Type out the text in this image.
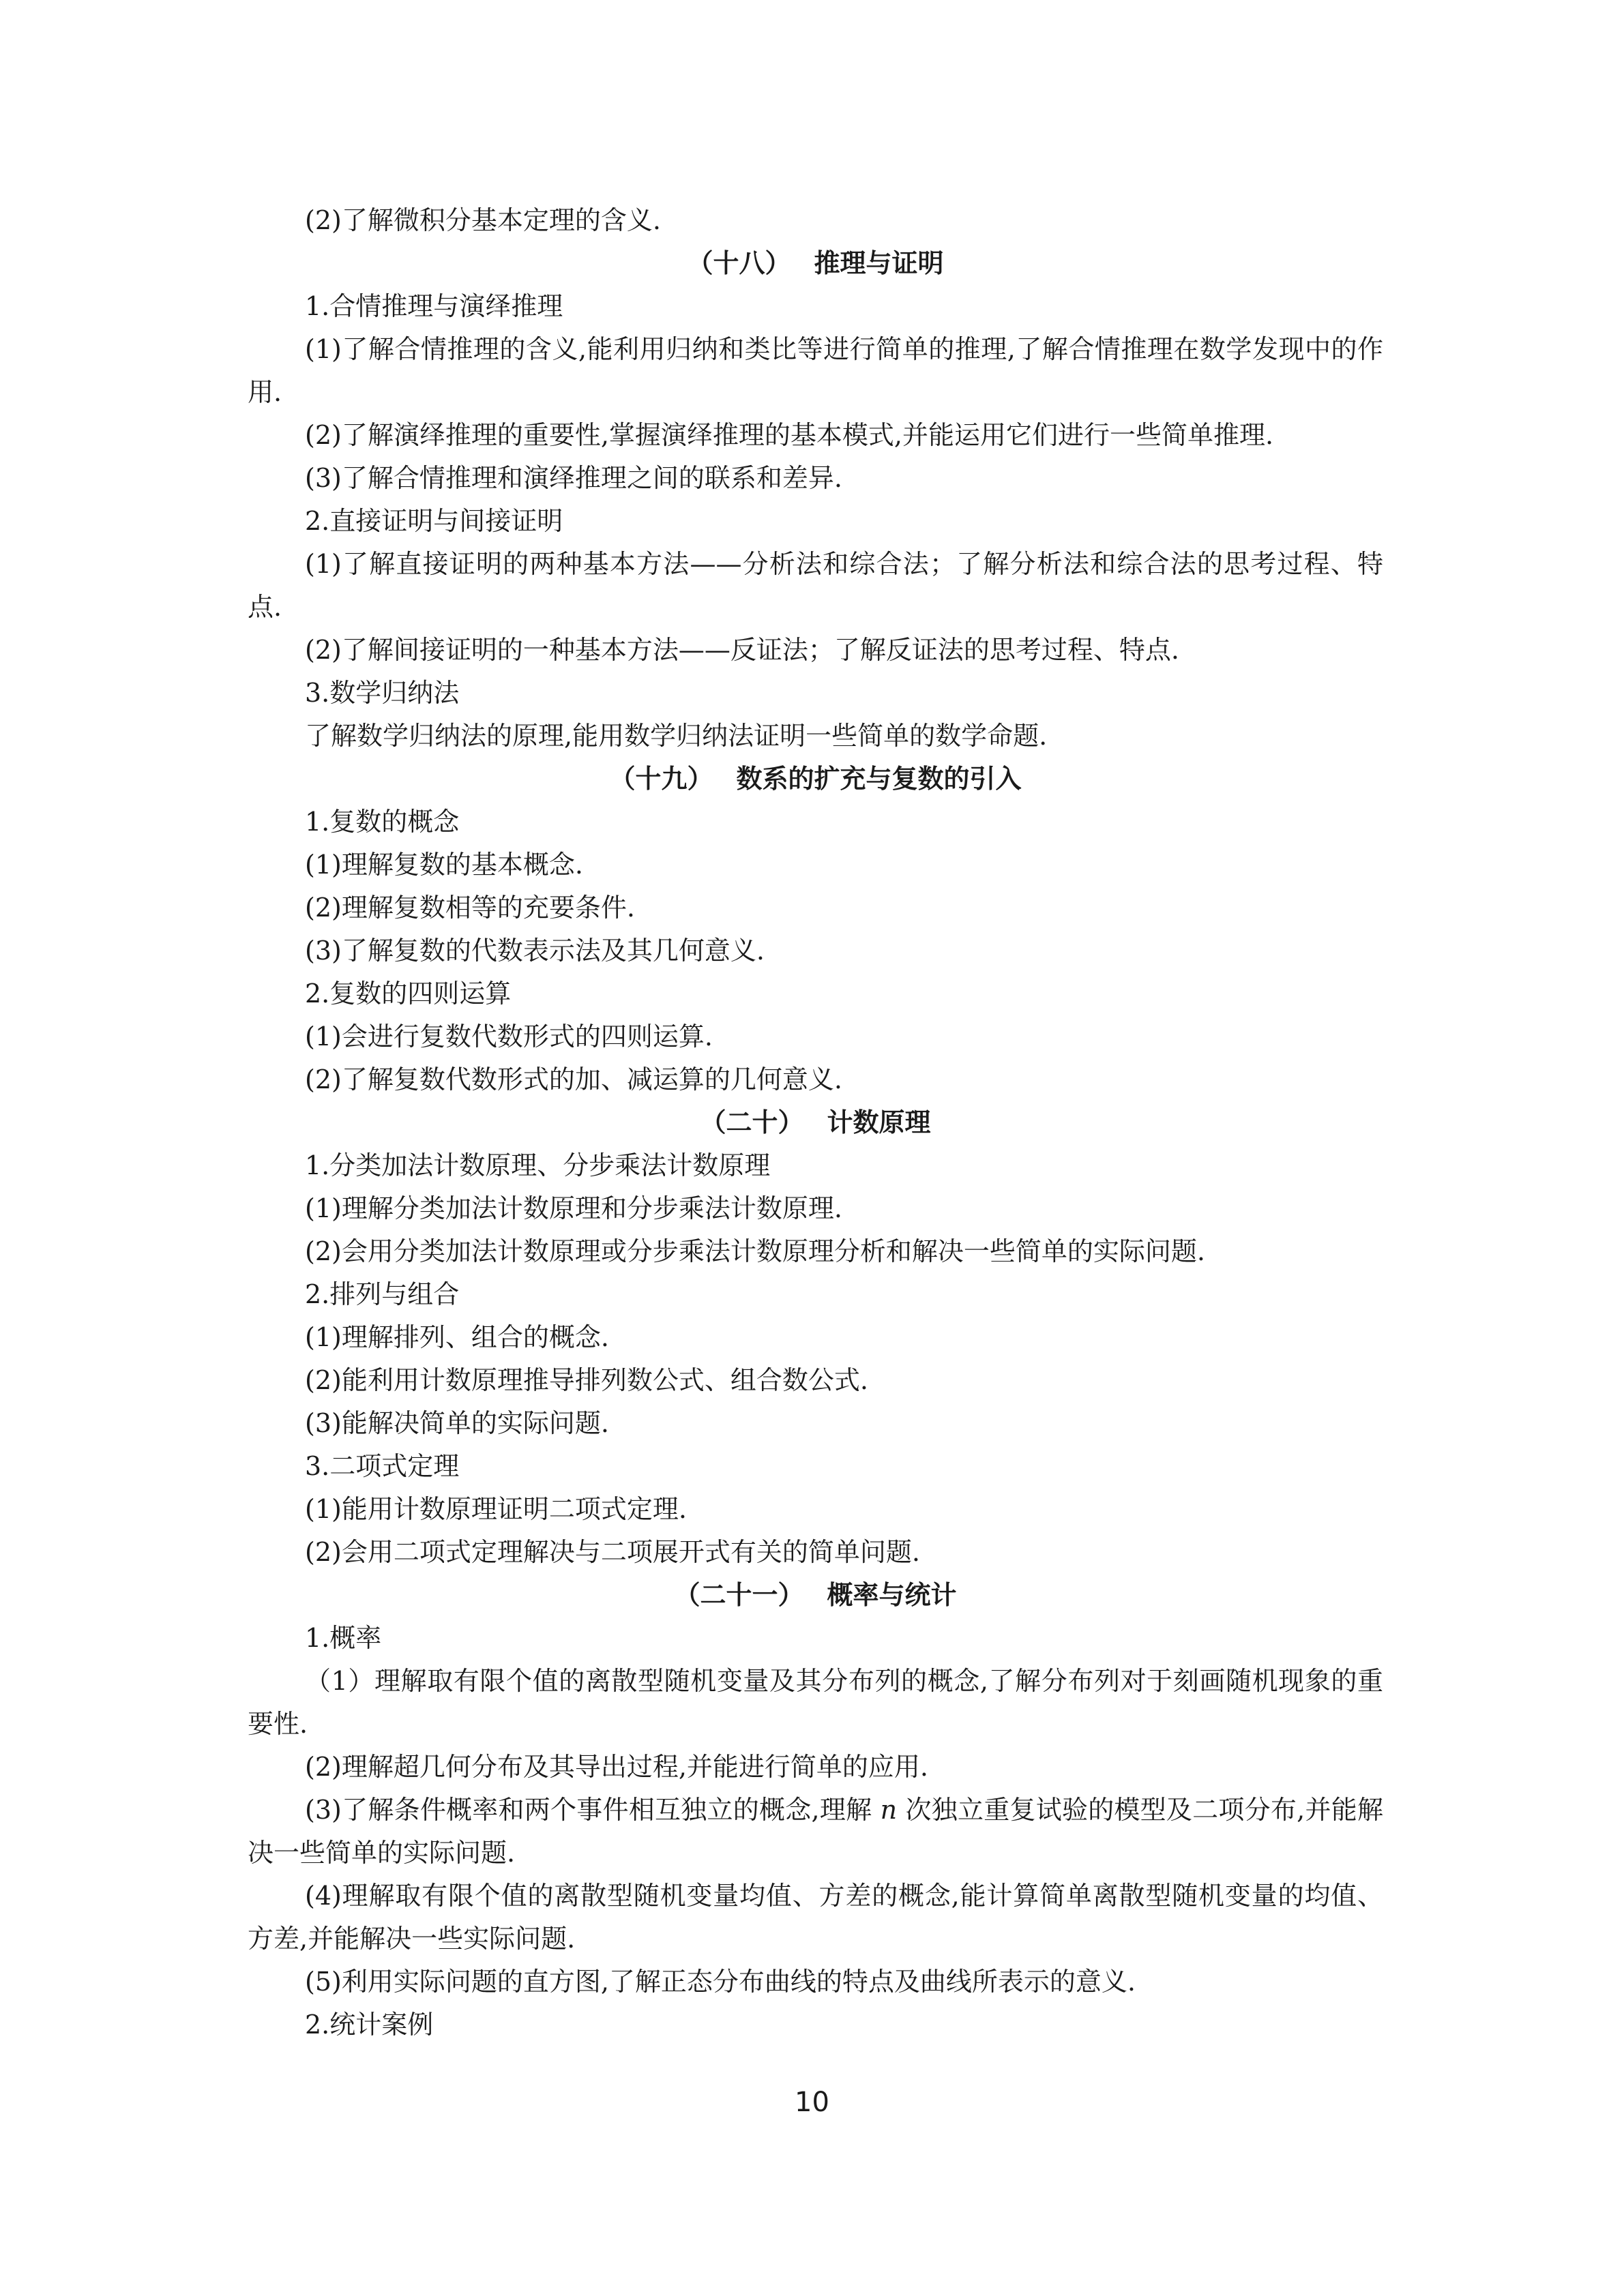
(2)了解微积分基本定理的含义.
（十八） 推理与证明
1.合情推理与演绎推理

(1)了解合情推理的含义,能利用归纳和类比等进行简单的推理,了解合情推理在数学发现中的作用.

(2)了解演绎推理的重要性,掌握演绎推理的基本模式,并能运用它们进行一些简单推理.
(3)了解合情推理和演绎推理之间的联系和差异.
2.直接证明与间接证明

(1)了解直接证明的两种基本方法——分析法和综合法；了解分析法和综合法的思考过程、特点.

(2)了解间接证明的一种基本方法——反证法；了解反证法的思考过程、特点.
3.数学归纳法
了解数学归纳法的原理,能用数学归纳法证明一些简单的数学命题.
（十九） 数系的扩充与复数的引入
1.复数的概念
(1)理解复数的基本概念.
(2)理解复数相等的充要条件.
(3)了解复数的代数表示法及其几何意义.
2.复数的四则运算
(1)会进行复数代数形式的四则运算.
(2)了解复数代数形式的加、减运算的几何意义.
（二十） 计数原理
1.分类加法计数原理、分步乘法计数原理
(1)理解分类加法计数原理和分步乘法计数原理.
(2)会用分类加法计数原理或分步乘法计数原理分析和解决一些简单的实际问题.
2.排列与组合
(1)理解排列、组合的概念.
(2)能利用计数原理推导排列数公式、组合数公式.
(3)能解决简单的实际问题.
3.二项式定理
(1)能用计数原理证明二项式定理.
(2)会用二项式定理解决与二项展开式有关的简单问题.
（二十一） 概率与统计
1.概率

（1）理解取有限个值的离散型随机变量及其分布列的概念,了解分布列对于刻画随机现象的重要性.

(2)理解超几何分布及其导出过程,并能进行简单的应用.

(3)了解条件概率和两个事件相互独立的概念,理解 n 次独立重复试验的模型及二项分布,并能解决一些简单的实际问题.

(4)理解取有限个值的离散型随机变量均值、方差的概念,能计算简单离散型随机变量的均值、方差,并能解决一些实际问题.

(5)利用实际问题的直方图,了解正态分布曲线的特点及曲线所表示的意义.
2.统计案例
10
